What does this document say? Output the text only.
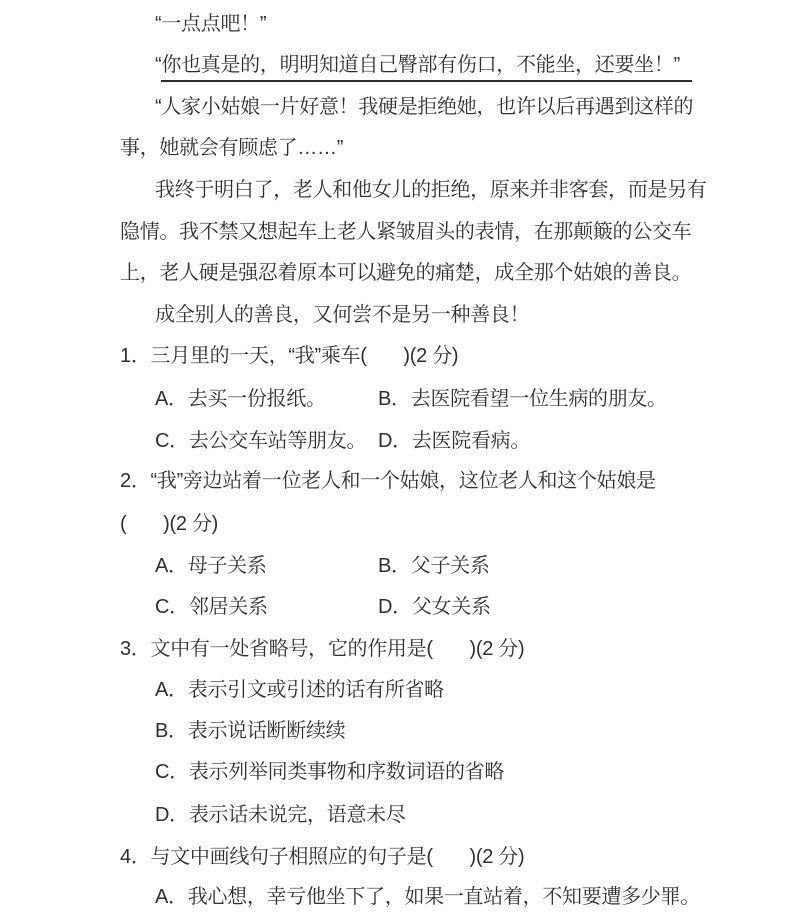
“一点点吧！”
“你也真是的，明明知道自己臀部有伤口，不能坐，还要坐！”
“人家小姑娘一片好意！我硬是拒绝她，也许以后再遇到这样的
事，她就会有顾虑了……”
我终于明白了，老人和他女儿的拒绝，原来并非客套，而是另有
隐情。我不禁又想起车上老人紧皱眉头的表情，在那颠簸的公交车
上，老人硬是强忍着原本可以避免的痛楚，成全那个姑娘的善良。
成全别人的善良，又何尝不是另一种善良！
1．三月里的一天，“我”乘车(       )(2 分)
A．去买一份报纸。	B．去医院看望一位生病的朋友。
C．去公交车站等朋友。 D．去医院看病。
2．“我”旁边站着一位老人和一个姑娘，这位老人和这个姑娘是
(       )(2 分)
A．母子关系	B．父子关系
C．邻居关系	D．父女关系
3．文中有一处省略号，它的作用是(       )(2 分)
A．表示引文或引述的话有所省略
B．表示说话断断续续
C．表示列举同类事物和序数词语的省略
D．表示话未说完，语意未尽
4．与文中画线句子相照应的句子是(       )(2 分)
A．我心想，幸亏他坐下了，如果一直站着，不知要遭多少罪。
